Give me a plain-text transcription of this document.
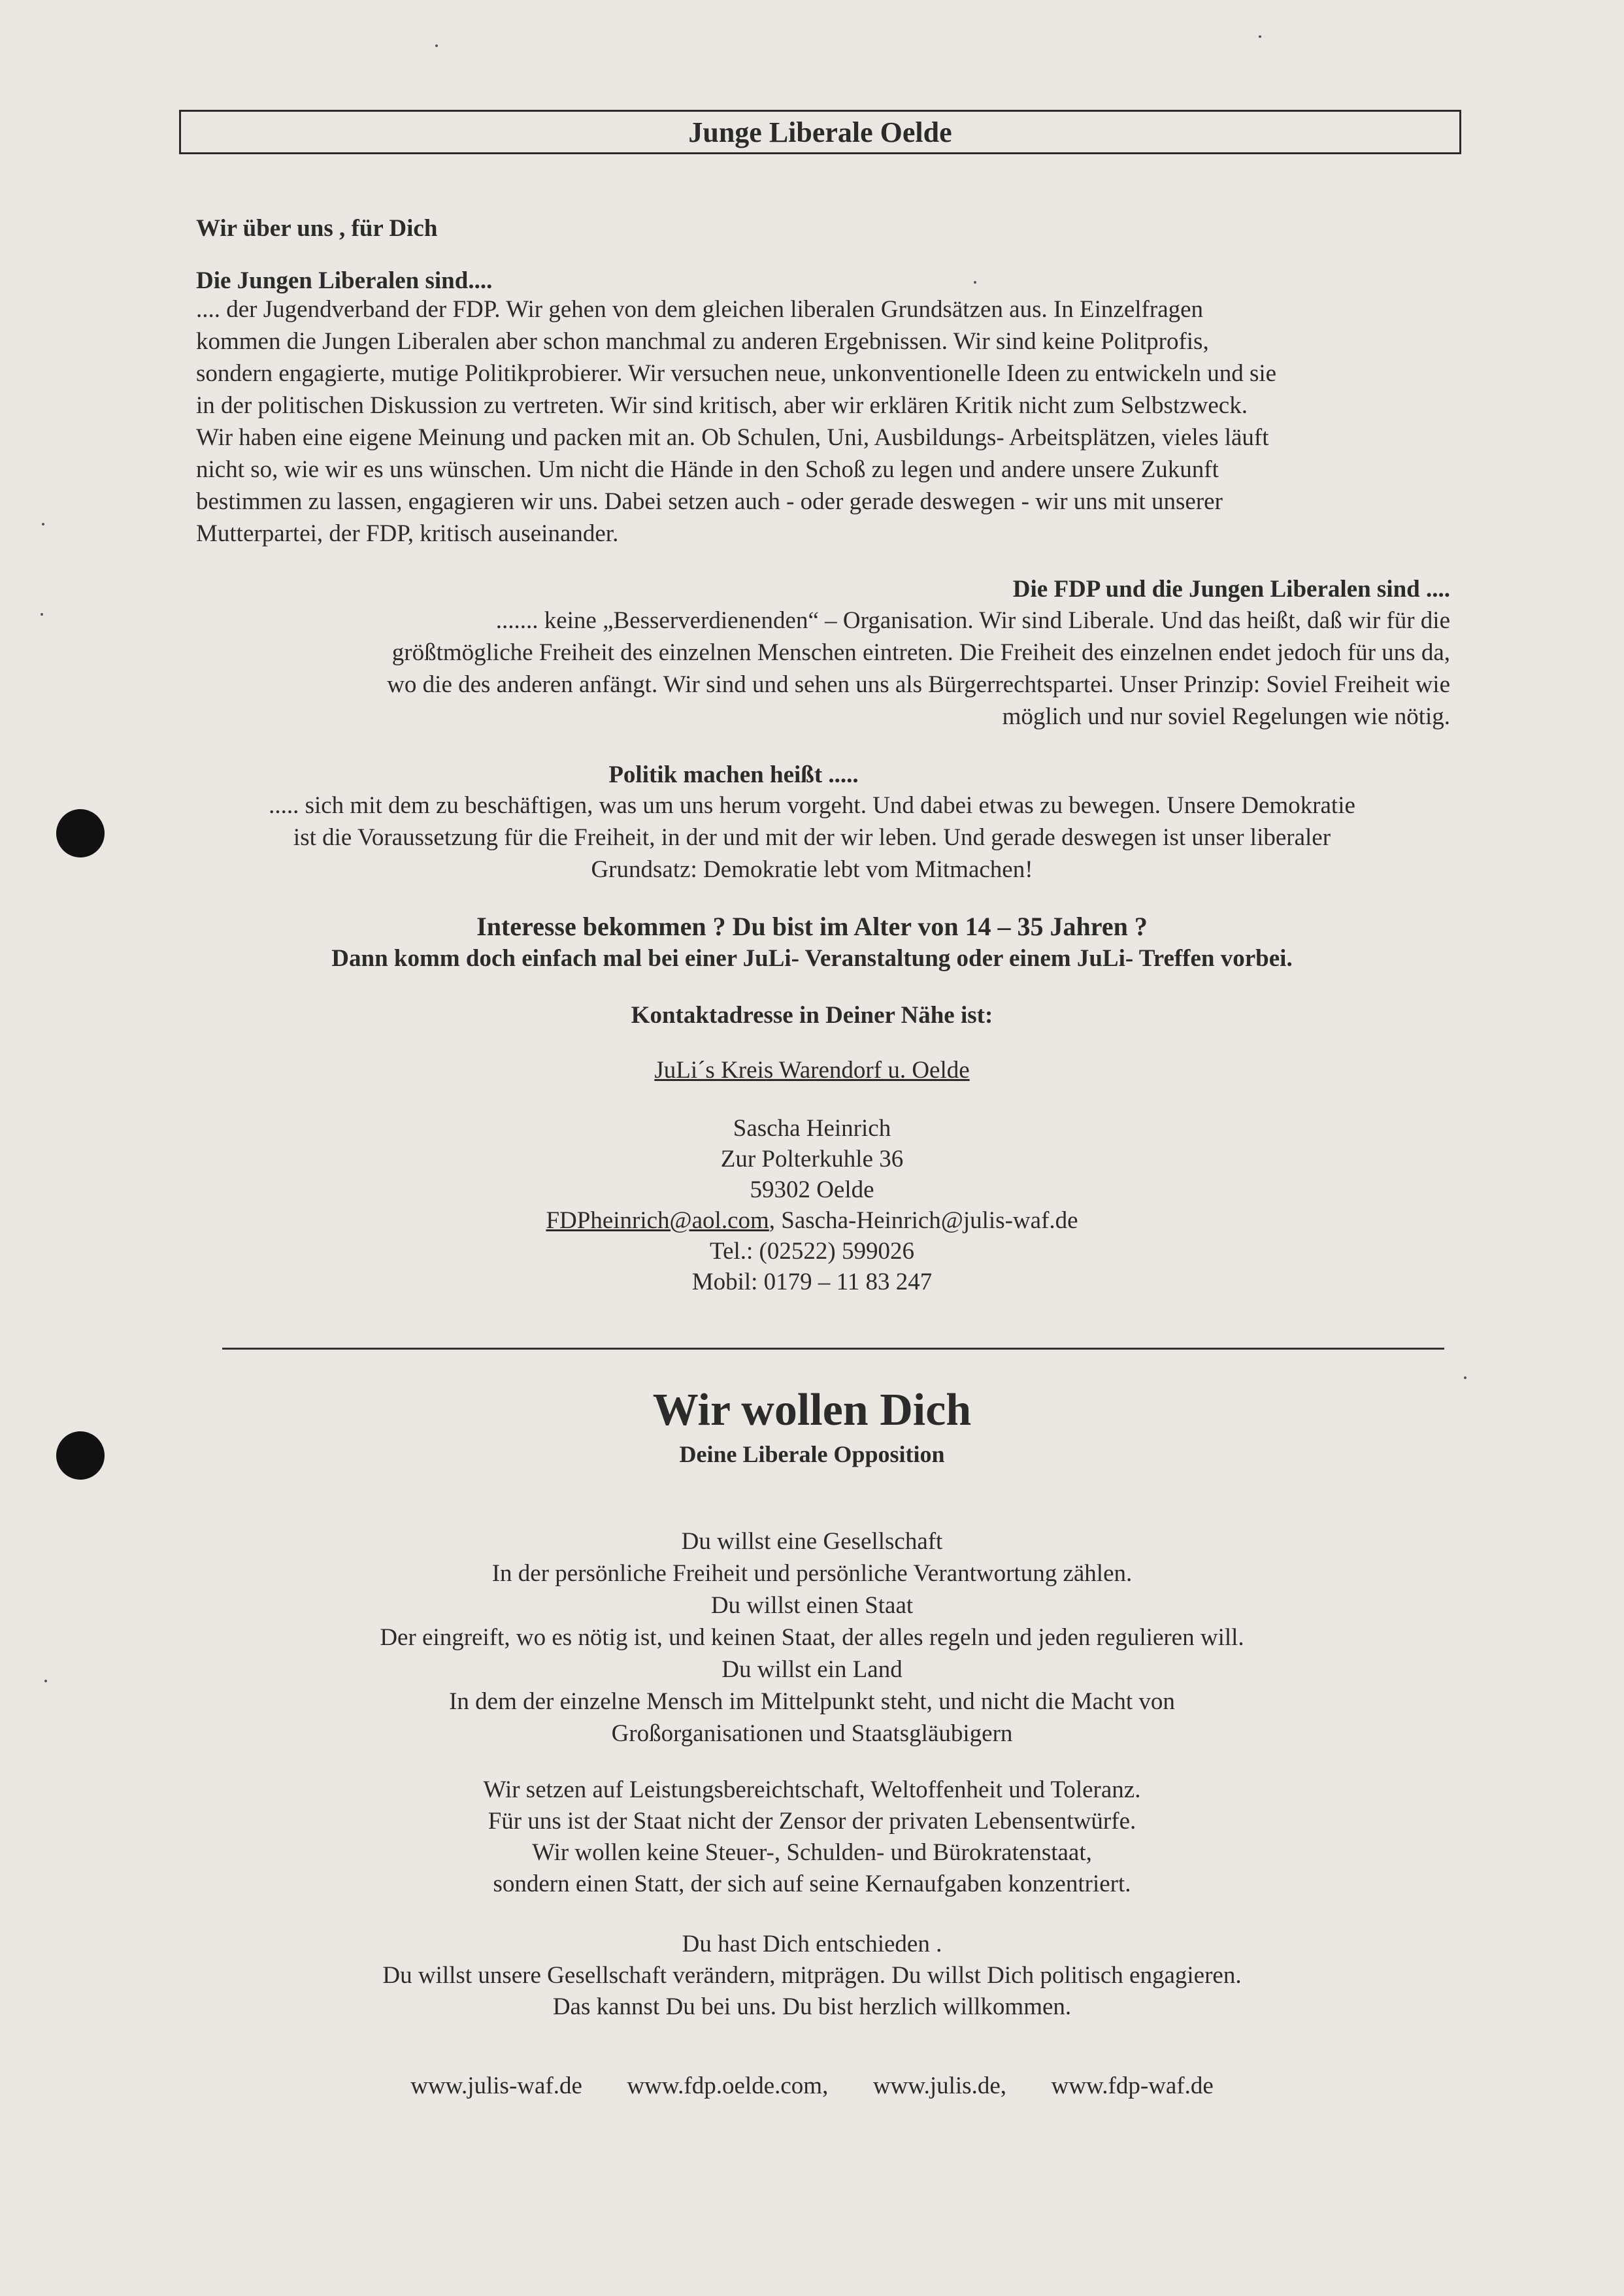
Junge Liberale Oelde
Wir über uns , für Dich
Die Jungen Liberalen sind....
.... der Jugendverband der FDP. Wir gehen von dem gleichen liberalen Grundsätzen aus. In Einzelfragen
kommen die Jungen Liberalen aber schon manchmal zu anderen Ergebnissen. Wir sind keine Politprofis,
sondern engagierte, mutige Politikprobierer. Wir versuchen neue, unkonventionelle Ideen zu entwickeln und sie
in der politischen Diskussion zu vertreten. Wir sind kritisch, aber wir erklären Kritik nicht zum Selbstzweck.
Wir haben eine eigene Meinung und packen mit an. Ob Schulen, Uni, Ausbildungs- Arbeitsplätzen, vieles läuft
nicht so, wie wir es uns wünschen. Um nicht die Hände in den Schoß zu legen und andere unsere Zukunft
bestimmen zu lassen, engagieren wir uns. Dabei setzen auch - oder gerade deswegen - wir uns mit unserer
Mutterpartei, der FDP, kritisch auseinander.
Die FDP und die Jungen Liberalen sind ....
....... keine „Besserverdienenden“ – Organisation. Wir sind Liberale. Und das heißt, daß wir für die
größtmögliche Freiheit des einzelnen Menschen eintreten. Die Freiheit des einzelnen endet jedoch für uns da,
wo die des anderen anfängt. Wir sind und sehen uns als Bürgerrechtspartei. Unser Prinzip: Soviel Freiheit wie
möglich und nur soviel Regelungen wie nötig.
Politik machen heißt .....
..... sich mit dem zu beschäftigen, was um uns herum vorgeht. Und dabei etwas zu bewegen. Unsere Demokratie
ist die Voraussetzung für die Freiheit, in der und mit der wir leben. Und gerade deswegen ist unser liberaler
Grundsatz: Demokratie lebt vom Mitmachen!
Interesse bekommen ? Du bist im Alter von 14 – 35 Jahren ?
Dann komm doch einfach mal bei einer JuLi- Veranstaltung oder einem JuLi- Treffen vorbei.
Kontaktadresse in Deiner Nähe ist:
JuLi´s Kreis Warendorf u. Oelde
Sascha Heinrich
Zur Polterkuhle 36
59302 Oelde
FDPheinrich@aol.com, Sascha-Heinrich@julis-waf.de
Tel.: (02522) 599026
Mobil: 0179 – 11 83 247
Wir wollen Dich
Deine Liberale Opposition
Du willst eine Gesellschaft
In der persönliche Freiheit und persönliche Verantwortung zählen.
Du willst einen Staat
Der eingreift, wo es nötig ist, und keinen Staat, der alles regeln und jeden regulieren will.
Du willst ein Land
In dem der einzelne Mensch im Mittelpunkt steht, und nicht die Macht von
Großorganisationen und Staatsgläubigern
Wir setzen auf Leistungsbereichtschaft, Weltoffenheit und Toleranz.
Für uns ist der Staat nicht der Zensor der privaten Lebensentwürfe.
Wir wollen keine Steuer-, Schulden- und Bürokratenstaat,
sondern einen Statt, der sich auf seine Kernaufgaben konzentriert.
Du hast Dich entschieden .
Du willst unsere Gesellschaft verändern, mitprägen. Du willst Dich politisch engagieren.
Das kannst Du bei uns. Du bist herzlich willkommen.
www.julis-waf.de www.fdp.oelde.com, www.julis.de, www.fdp-waf.de
